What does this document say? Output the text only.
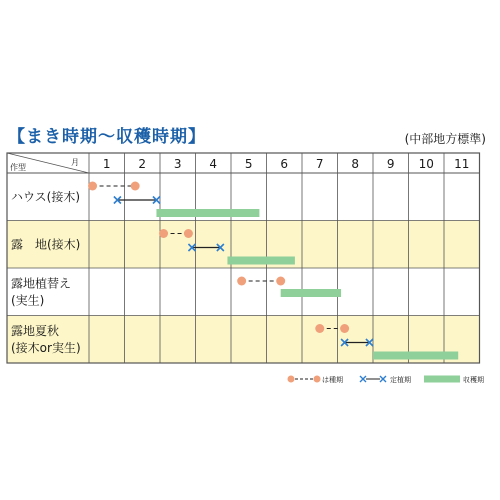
【まき時期～収穫時期】	(中部地方標準)
月
作型	1 2 3 4 5 6 7 8 9 10 11
ハウス(接木)
露　地(接木)
露地植替え
(実生)
露地夏秋
(接木or実生)
は種期	定植期	収穫期
